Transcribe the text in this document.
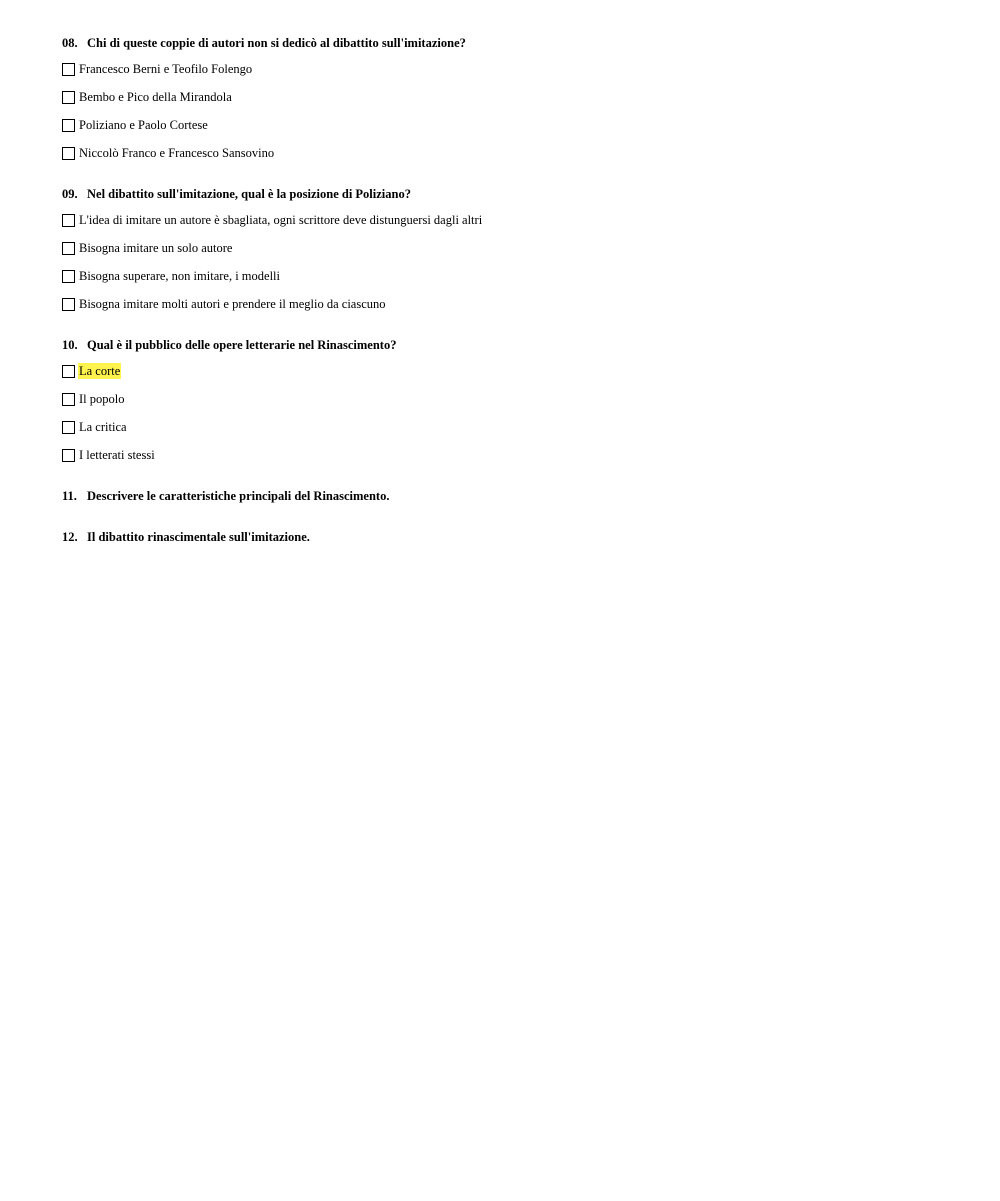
08. Chi di queste coppie di autori non si dedicò al dibattito sull'imitazione?
Francesco Berni e Teofilo Folengo
Bembo e Pico della Mirandola
Poliziano e Paolo Cortese
Niccolò Franco e Francesco Sansovino
09. Nel dibattito sull'imitazione, qual è la posizione di Poliziano?
L'idea di imitare un autore è sbagliata, ogni scrittore deve distunguersi dagli altri
Bisogna imitare un solo autore
Bisogna superare, non imitare, i modelli
Bisogna imitare molti autori e prendere il meglio da ciascuno
10. Qual è il pubblico delle opere letterarie nel Rinascimento?
La corte
Il popolo
La critica
I letterati stessi
11. Descrivere le caratteristiche principali del Rinascimento.
12. Il dibattito rinascimentale sull'imitazione.
